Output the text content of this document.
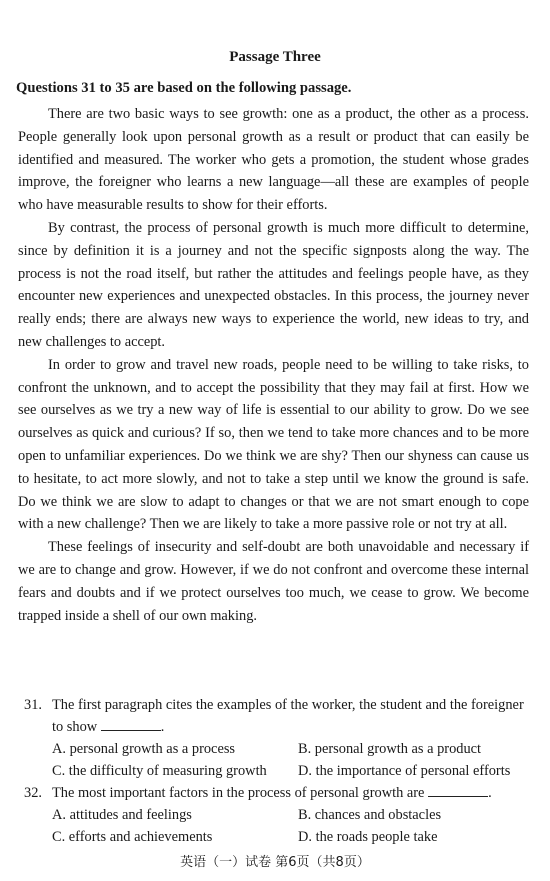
Passage Three
Questions 31 to 35 are based on the following passage.

There are two basic ways to see growth: one as a product, the other as a process. People generally look upon personal growth as a result or product that can easily be identified and measured. The worker who gets a promotion, the student whose grades improve, the foreigner who learns a new language—all these are examples of people who have measurable results to show for their efforts.

By contrast, the process of personal growth is much more difficult to determine, since by definition it is a journey and not the specific signposts along the way. The process is not the road itself, but rather the attitudes and feelings people have, as they encounter new experiences and unexpected obstacles. In this process, the journey never really ends; there are always new ways to experience the world, new ideas to try, and new challenges to accept.

In order to grow and travel new roads, people need to be willing to take risks, to confront the unknown, and to accept the possibility that they may fail at first. How we see ourselves as we try a new way of life is essential to our ability to grow. Do we see ourselves as quick and curious? If so, then we tend to take more chances and to be more open to unfamiliar experiences. Do we think we are shy? Then our shyness can cause us to hesitate, to act more slowly, and not to take a step until we know the ground is safe. Do we think we are slow to adapt to changes or that we are not smart enough to cope with a new challenge? Then we are likely to take a more passive role or not try at all.

These feelings of insecurity and self-doubt are both unavoidable and necessary if we are to change and grow. However, if we do not confront and overcome these internal fears and doubts and if we protect ourselves too much, we cease to grow. We become trapped inside a shell of our own making.

31. The first paragraph cites the examples of the worker, the student and the foreigner to show	.
A. personal growth as a process	B. personal growth as a product
C. the difficulty of measuring growth	D. the importance of personal efforts
32. The most important factors in the process of personal growth are	.
A. attitudes and feelings	B. chances and obstacles
C. efforts and achievements	D. the roads people take
英语（一）试卷 第6页（共8页）
